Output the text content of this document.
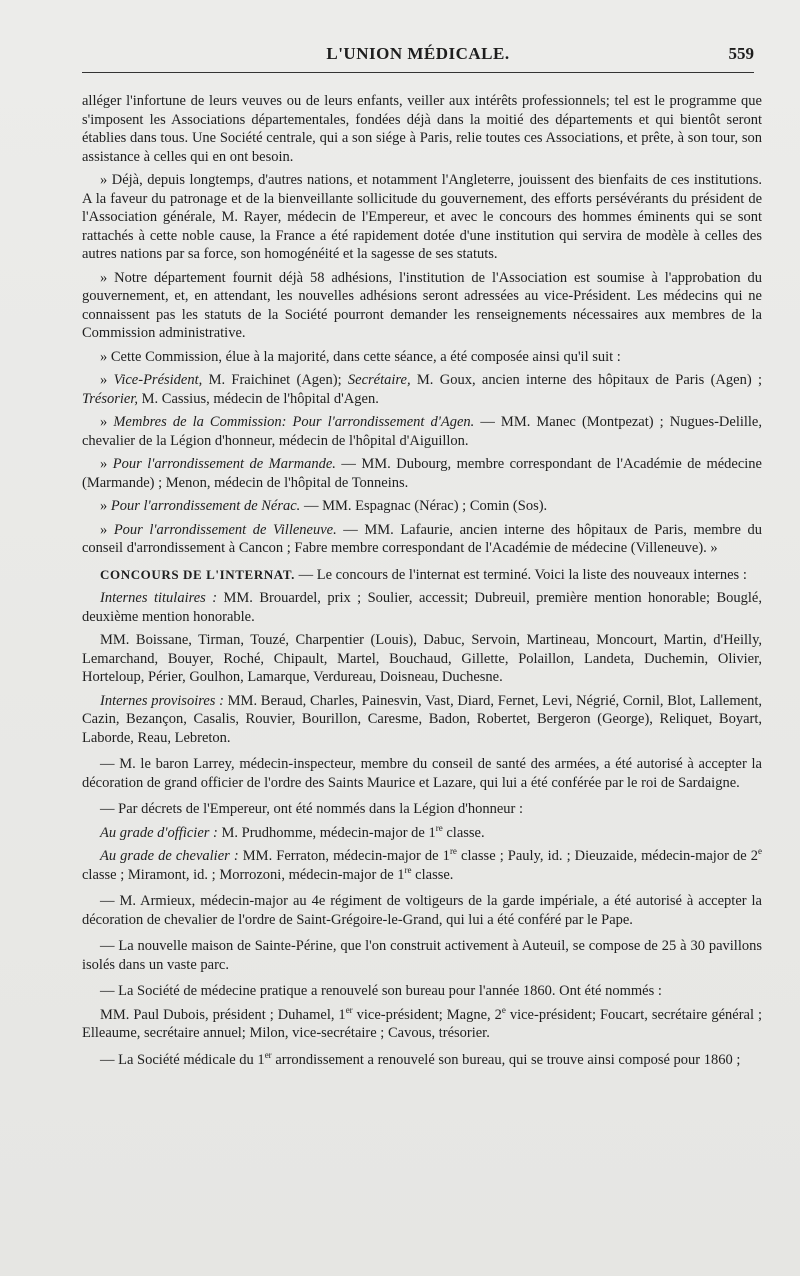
L'UNION MÉDICALE.	559

alléger l'infortune de leurs veuves ou de leurs enfants, veiller aux intérêts professionnels; tel est le programme que s'imposent les Associations départementales, fondées déjà dans la moitié des départements et qui bientôt seront établies dans tous. Une Société centrale, qui a son siége à Paris, relie toutes ces Associations, et prête, à son tour, son assistance à celles qui en ont besoin.

» Déjà, depuis longtemps, d'autres nations, et notamment l'Angleterre, jouissent des bienfaits de ces institutions. A la faveur du patronage et de la bienveillante sollicitude du gouvernement, des efforts persévérants du président de l'Association générale, M. Rayer, médecin de l'Empereur, et avec le concours des hommes éminents qui se sont rattachés à cette noble cause, la France a été rapidement dotée d'une institution qui servira de modèle à celles des autres nations par sa force, son homogénéité et la sagesse de ses statuts.

» Notre département fournit déjà 58 adhésions, l'institution de l'Association est soumise à l'approbation du gouvernement, et, en attendant, les nouvelles adhésions seront adressées au vice-Président. Les médecins qui ne connaissent pas les statuts de la Société pourront demander les renseignements nécessaires aux membres de la Commission administrative.

» Cette Commission, élue à la majorité, dans cette séance, a été composée ainsi qu'il suit :

» Vice-Président, M. Fraichinet (Agen); Secrétaire, M. Goux, ancien interne des hôpitaux de Paris (Agen) ; Trésorier, M. Cassius, médecin de l'hôpital d'Agen.

» Membres de la Commission: Pour l'arrondissement d'Agen. — MM. Manec (Montpezat) ; Nugues-Delille, chevalier de la Légion d'honneur, médecin de l'hôpital d'Aiguillon.

» Pour l'arrondissement de Marmande. — MM. Dubourg, membre correspondant de l'Académie de médecine (Marmande) ; Menon, médecin de l'hôpital de Tonneins.

» Pour l'arrondissement de Nérac. — MM. Espagnac (Nérac) ; Comin (Sos).

» Pour l'arrondissement de Villeneuve. — MM. Lafaurie, ancien interne des hôpitaux de Paris, membre du conseil d'arrondissement à Cancon ; Fabre membre correspondant de l'Académie de médecine (Villeneuve). »

CONCOURS DE L'INTERNAT. — Le concours de l'internat est terminé. Voici la liste des nouveaux internes :

Internes titulaires : MM. Brouardel, prix ; Soulier, accessit; Dubreuil, première mention honorable; Bouglé, deuxième mention honorable.

MM. Boissane, Tirman, Touzé, Charpentier (Louis), Dabuc, Servoin, Martineau, Moncourt, Martin, d'Heilly, Lemarchand, Bouyer, Roché, Chipault, Martel, Bouchaud, Gillette, Polaillon, Landeta, Duchemin, Olivier, Horteloup, Périer, Goulhon, Lamarque, Verdureau, Doisneau, Duchesne.

Internes provisoires : MM. Beraud, Charles, Painesvin, Vast, Diard, Fernet, Levi, Négrié, Cornil, Blot, Lallement, Cazin, Bezançon, Casalis, Rouvier, Bourillon, Caresme, Badon, Robertet, Bergeron (George), Reliquet, Boyart, Laborde, Reau, Lebreton.

— M. le baron Larrey, médecin-inspecteur, membre du conseil de santé des armées, a été autorisé à accepter la décoration de grand officier de l'ordre des Saints Maurice et Lazare, qui lui a été conférée par le roi de Sardaigne.

— Par décrets de l'Empereur, ont été nommés dans la Légion d'honneur :

Au grade d'officier : M. Prudhomme, médecin-major de 1re classe.

Au grade de chevalier : MM. Ferraton, médecin-major de 1re classe ; Pauly, id. ; Dieuzaide, médecin-major de 2e classe ; Miramont, id. ; Morrozoni, médecin-major de 1re classe.

— M. Armieux, médecin-major au 4e régiment de voltigeurs de la garde impériale, a été autorisé à accepter la décoration de chevalier de l'ordre de Saint-Grégoire-le-Grand, qui lui a été conféré par le Pape.

— La nouvelle maison de Sainte-Périne, que l'on construit activement à Auteuil, se compose de 25 à 30 pavillons isolés dans un vaste parc.

— La Société de médecine pratique a renouvelé son bureau pour l'année 1860. Ont été nommés :

MM. Paul Dubois, président ; Duhamel, 1er vice-président; Magne, 2e vice-président; Foucart, secrétaire général ; Elleaume, secrétaire annuel; Milon, vice-secrétaire ; Cavous, trésorier.

— La Société médicale du 1er arrondissement a renouvelé son bureau, qui se trouve ainsi composé pour 1860 ;
